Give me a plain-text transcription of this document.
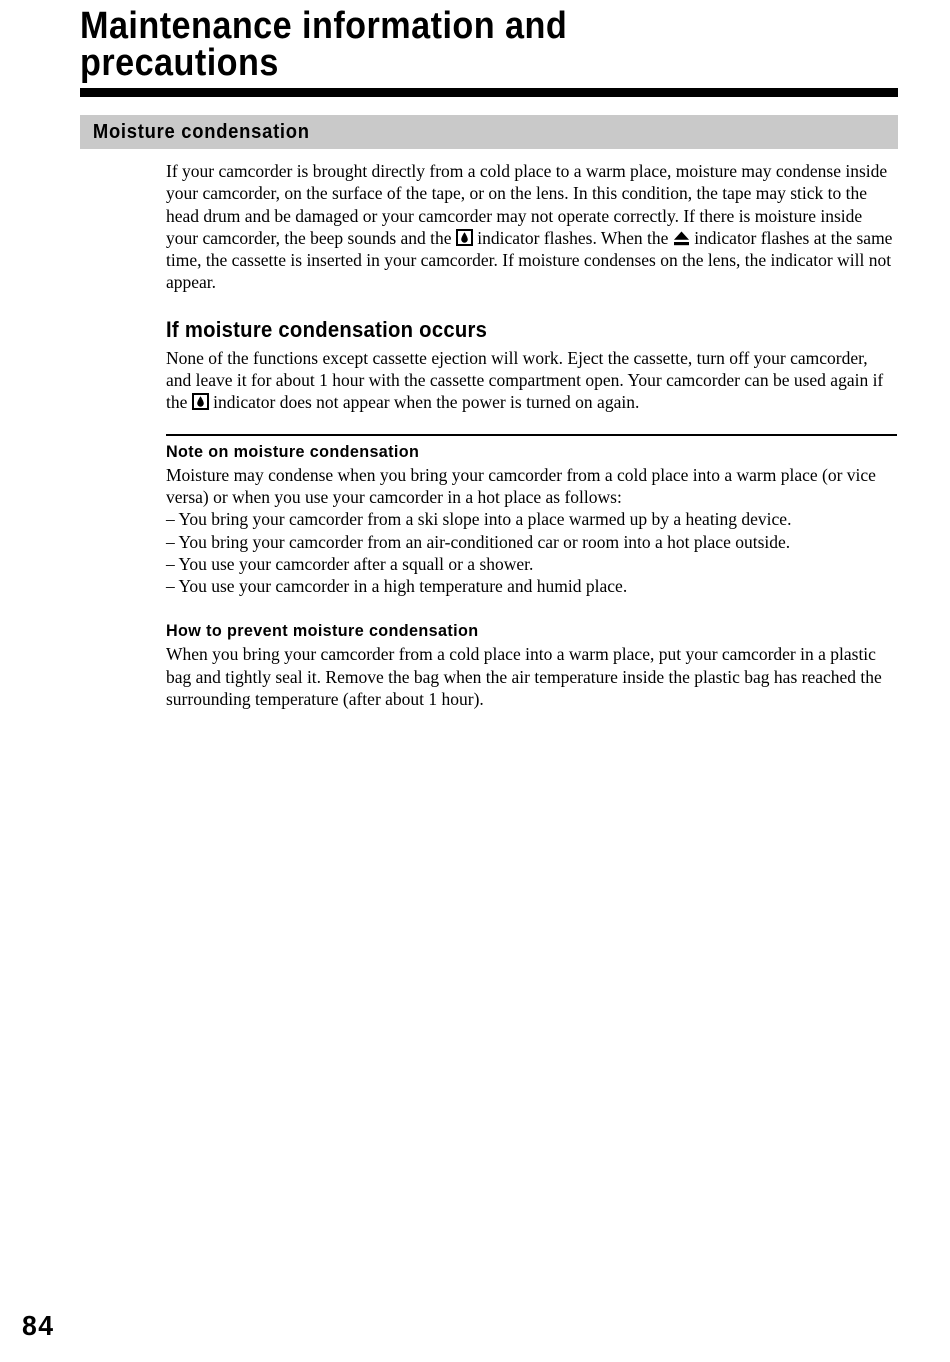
Maintenance information and precautions
Moisture condensation

If your camcorder is brought directly from a cold place to a warm place, moisture may condense inside your camcorder, on the surface of the tape, or on the lens. In this condition, the tape may stick to the head drum and be damaged or your camcorder may not operate correctly. If there is moisture inside your camcorder, the beep sounds and the  indicator flashes. When the  indicator flashes at the same time, the cassette is inserted in your camcorder. If moisture condenses on the lens, the indicator will not appear.

If moisture condensation occurs

None of the functions except cassette ejection will work. Eject the cassette, turn off your camcorder, and leave it for about 1 hour with the cassette compartment open. Your camcorder can be used again if the  indicator does not appear when the power is turned on again.

Note on moisture condensation

Moisture may condense when you bring your camcorder from a cold place into a warm place (or vice versa) or when you use your camcorder in a hot place as follows:

– You bring your camcorder from a ski slope into a place warmed up by a heating device.

– You bring your camcorder from an air-conditioned car or room into a hot place outside.

– You use your camcorder after a squall or a shower.

– You use your camcorder in a high temperature and humid place.

How to prevent moisture condensation

When you bring your camcorder from a cold place into a warm place, put your camcorder in a plastic bag and tightly seal it. Remove the bag when the air temperature inside the plastic bag has reached the surrounding temperature (after about 1 hour).

84
